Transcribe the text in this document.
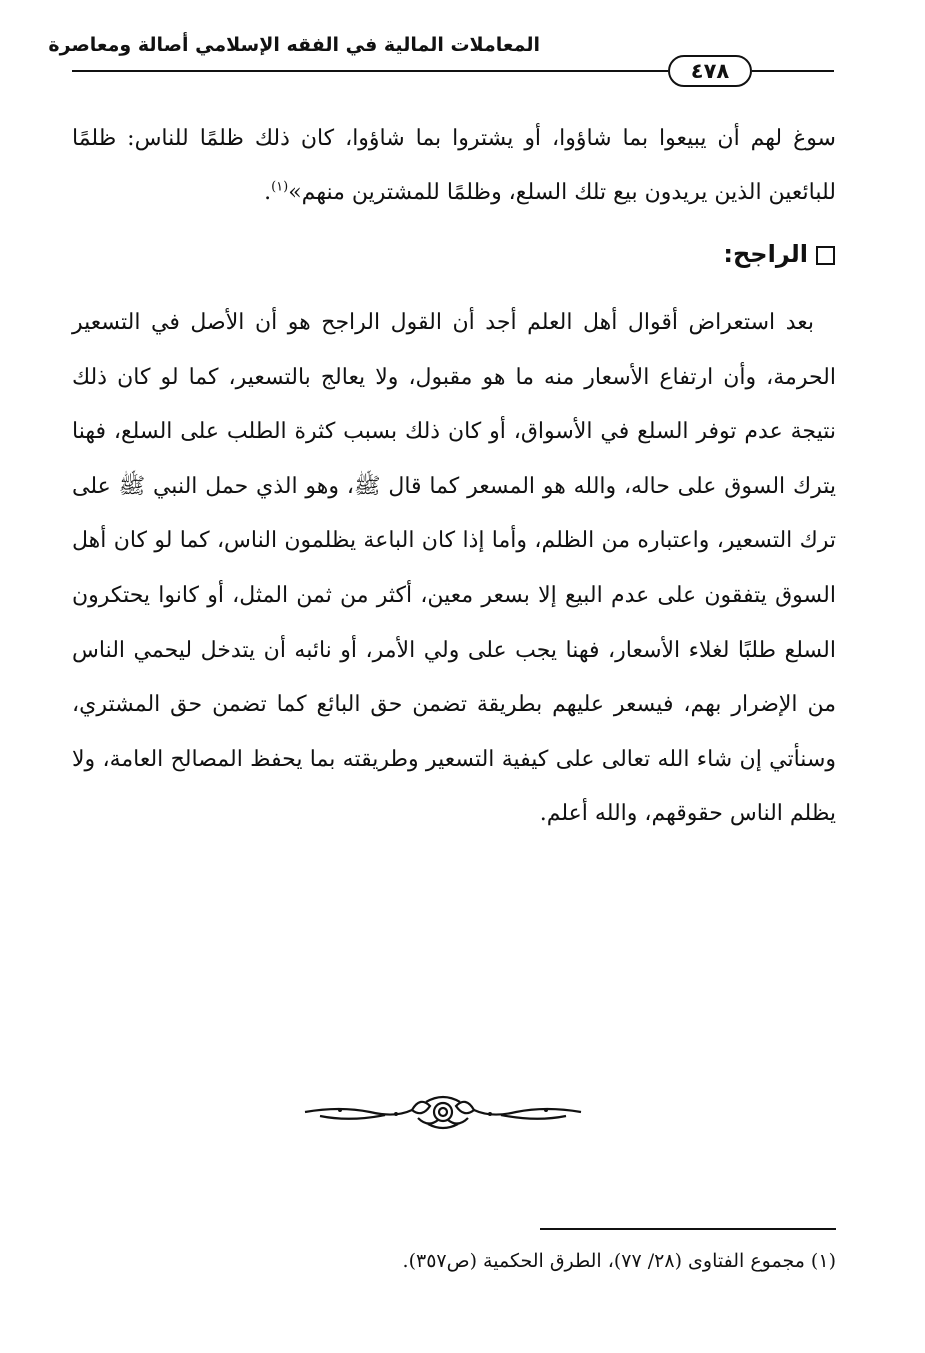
المعاملات المالية في الفقه الإسلامي أصالة ومعاصرة
٤٧٨

سوغ لهم أن يبيعوا بما شاؤوا، أو يشتروا بما شاؤوا، كان ذلك ظلمًا للناس: ظلمًا للبائعين الذين يريدون بيع تلك السلع، وظلمًا للمشترين منهم»$^{(١)}$.

الراجح:

بعد استعراض أقوال أهل العلم أجد أن القول الراجح هو أن الأصل في التسعير الحرمة، وأن ارتفاع الأسعار منه ما هو مقبول، ولا يعالج بالتسعير، كما لو كان ذلك نتيجة عدم توفر السلع في الأسواق، أو كان ذلك بسبب كثرة الطلب على السلع، فهنا يترك السوق على حاله، والله هو المسعر كما قال ﷺ، وهو الذي حمل النبي ﷺ على ترك التسعير، واعتباره من الظلم، وأما إذا كان الباعة يظلمون الناس، كما لو كان أهل السوق يتفقون على عدم البيع إلا بسعر معين، أكثر من ثمن المثل، أو كانوا يحتكرون السلع طلبًا لغلاء الأسعار، فهنا يجب على ولي الأمر، أو نائبه أن يتدخل ليحمي الناس من الإضرار بهم، فيسعر عليهم بطريقة تضمن حق البائع كما تضمن حق المشتري، وسنأتي إن شاء الله تعالى على كيفية التسعير وطريقته بما يحفظ المصالح العامة، ولا يظلم الناس حقوقهم، والله أعلم.

(١) مجموع الفتاوى (٢٨/ ٧٧)، الطرق الحكمية (ص٣٥٧).
